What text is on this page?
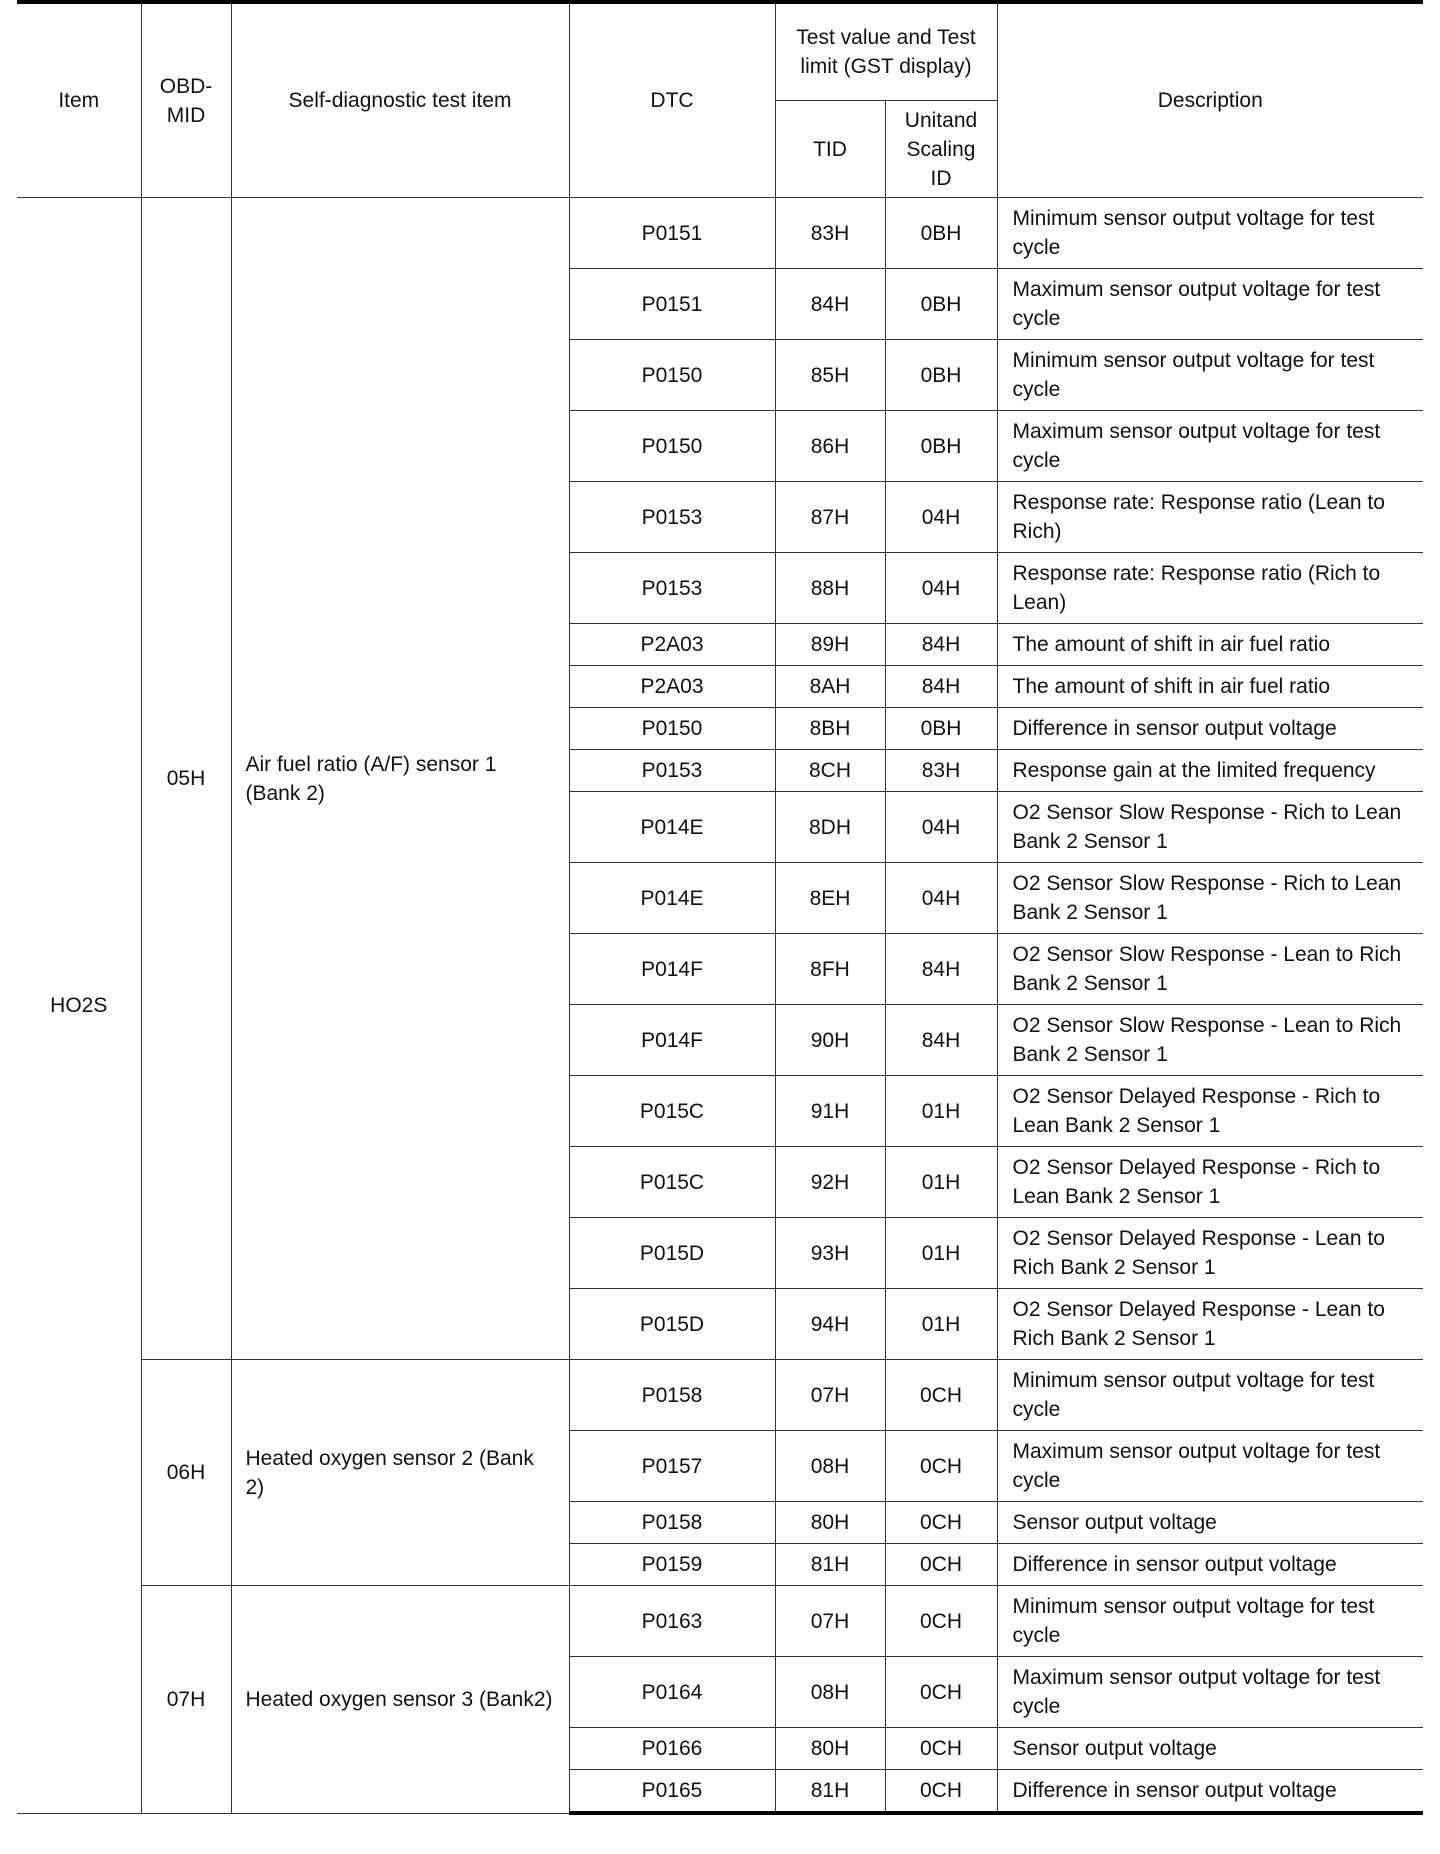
Item	OBD-MID	Self-diagnostic test item	DTC	Test value and Test limit (GST display)		Description
				TID	Unitand Scaling ID	
HO2S	05H	Air fuel ratio (A/F) sensor 1 (Bank 2)	P0151	83H	0BH	Minimum sensor output voltage for test cycle
			P0151	84H	0BH	Maximum sensor output voltage for test cycle
			P0150	85H	0BH	Minimum sensor output voltage for test cycle
			P0150	86H	0BH	Maximum sensor output voltage for test cycle
			P0153	87H	04H	Response rate: Response ratio (Lean to Rich)
			P0153	88H	04H	Response rate: Response ratio (Rich to Lean)
			P2A03	89H	84H	The amount of shift in air fuel ratio
			P2A03	8AH	84H	The amount of shift in air fuel ratio
			P0150	8BH	0BH	Difference in sensor output voltage
			P0153	8CH	83H	Response gain at the limited frequency
			P014E	8DH	04H	O2 Sensor Slow Response - Rich to Lean Bank 2 Sensor 1
			P014E	8EH	04H	O2 Sensor Slow Response - Rich to Lean Bank 2 Sensor 1
			P014F	8FH	84H	O2 Sensor Slow Response - Lean to Rich Bank 2 Sensor 1
			P014F	90H	84H	O2 Sensor Slow Response - Lean to Rich Bank 2 Sensor 1
			P015C	91H	01H	O2 Sensor Delayed Response - Rich to Lean Bank 2 Sensor 1
			P015C	92H	01H	O2 Sensor Delayed Response - Rich to Lean Bank 2 Sensor 1
			P015D	93H	01H	O2 Sensor Delayed Response - Lean to Rich Bank 2 Sensor 1
			P015D	94H	01H	O2 Sensor Delayed Response - Lean to Rich Bank 2 Sensor 1
	06H	Heated oxygen sensor 2 (Bank 2)	P0158	07H	0CH	Minimum sensor output voltage for test cycle
			P0157	08H	0CH	Maximum sensor output voltage for test cycle
			P0158	80H	0CH	Sensor output voltage
			P0159	81H	0CH	Difference in sensor output voltage
	07H	Heated oxygen sensor 3 (Bank2)	P0163	07H	0CH	Minimum sensor output voltage for test cycle
			P0164	08H	0CH	Maximum sensor output voltage for test cycle
			P0166	80H	0CH	Sensor output voltage
			P0165	81H	0CH	Difference in sensor output voltage
